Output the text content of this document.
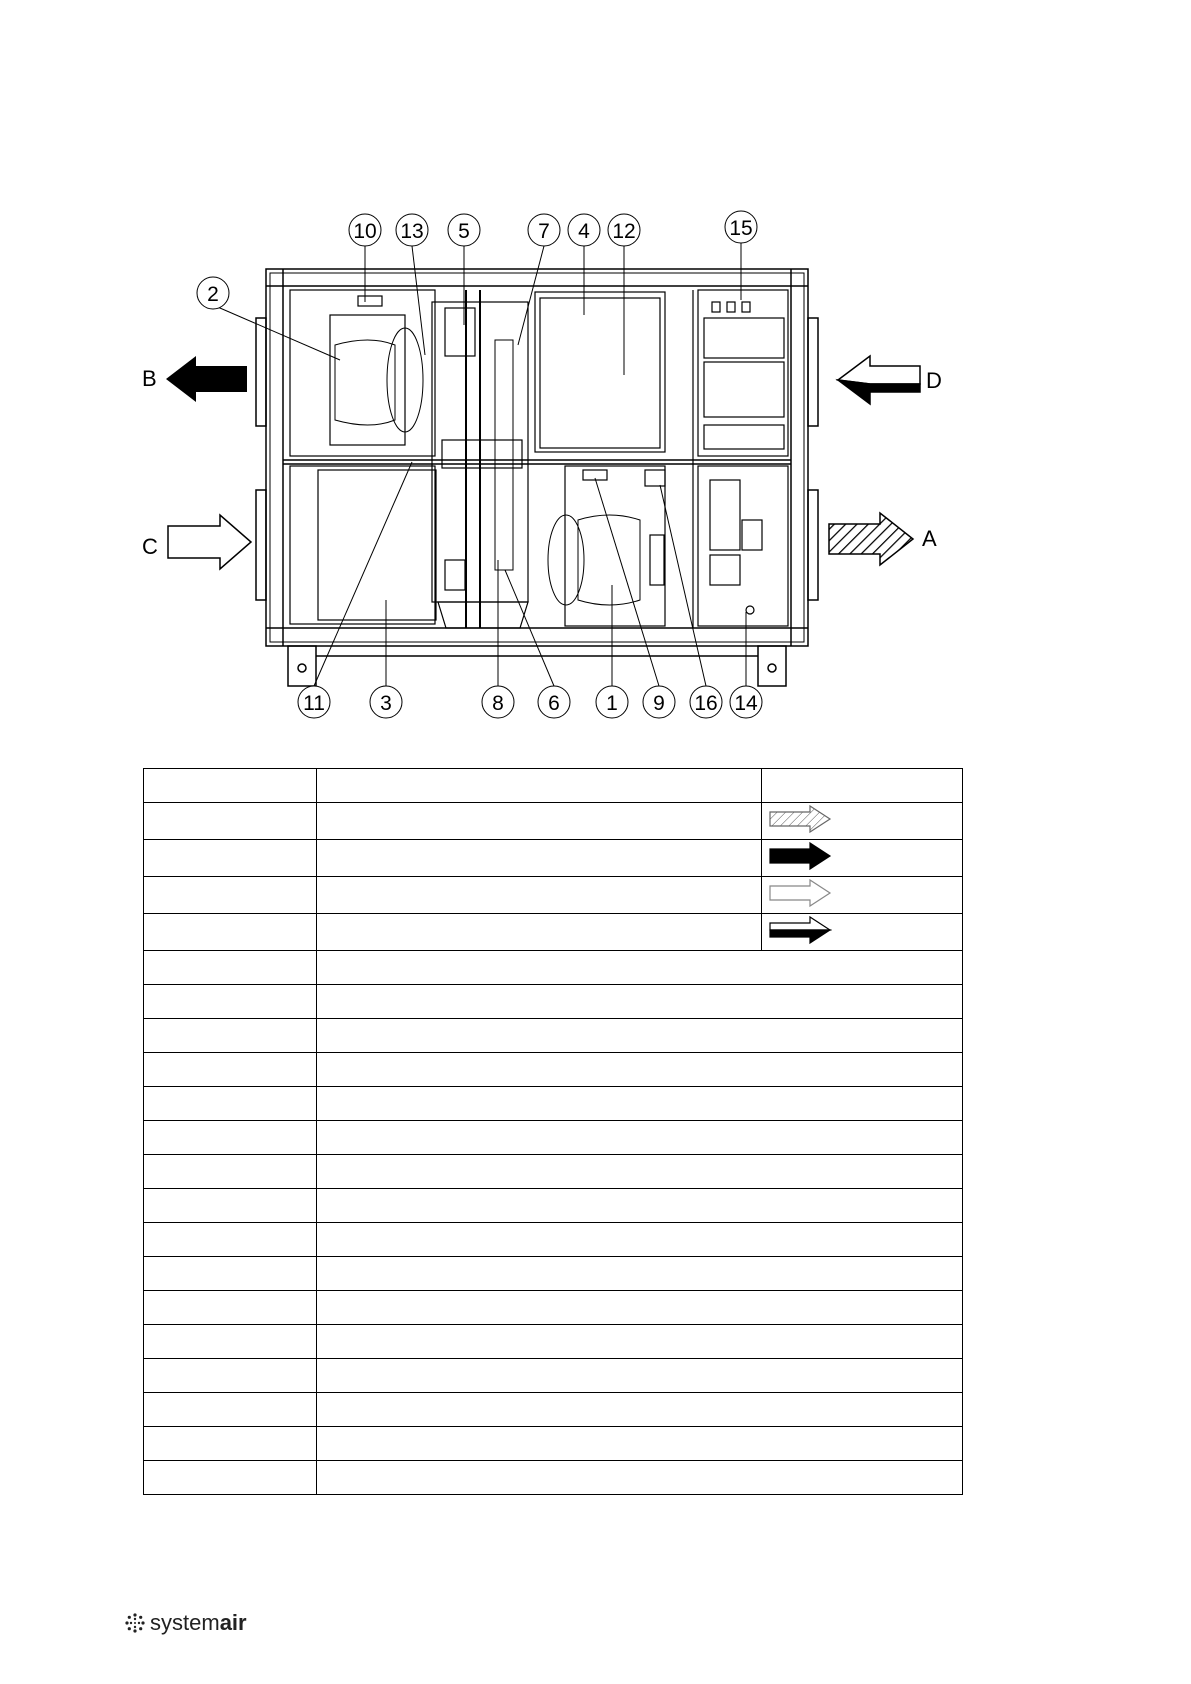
B	D
C	A
1
2
3
4
5
6
7
8	9
10
11
12
13
14
15
16

systemair
